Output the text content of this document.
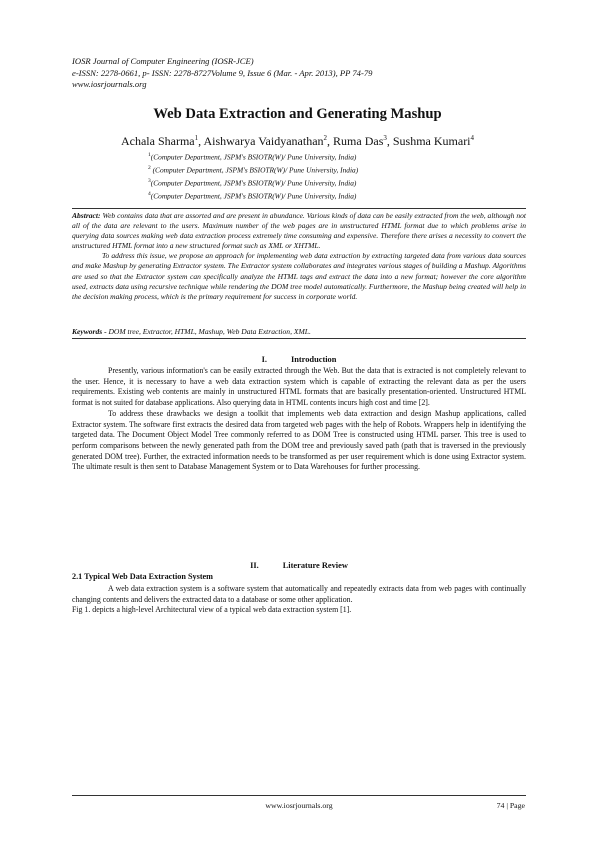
IOSR Journal of Computer Engineering (IOSR-JCE)
e-ISSN: 2278-0661, p- ISSN: 2278-8727Volume 9, Issue 6 (Mar. - Apr. 2013), PP 74-79
www.iosrjournals.org
Web Data Extraction and Generating Mashup
Achala Sharma$^1$, Aishwarya Vaidyanathan$^2$, Ruma Das$^3$, Sushma Kumari$^4$
$^1$(Computer Department, JSPM's BSIOTR(W)/ Pune University, India)
$^2$ (Computer Department, JSPM's BSIOTR(W)/ Pune University, India)
$^3$(Computer Department, JSPM's BSIOTR(W)/ Pune University, India)
$^4$(Computer Department, JSPM's BSIOTR(W)/ Pune University, India)

Abstract: Web contains data that are assorted and are present in abundance. Various kinds of data can be easily extracted from the web, although not all of the data are relevant to the users. Maximum number of the web pages are in unstructured HTML format due to which problems arise in querying data sources making web data extraction process extremely time consuming and expensive. Therefore there arises a necessity to convert the unstructured HTML format into a new structured format such as XML or XHTML.

To address this issue, we propose an approach for implementing web data extraction by extracting targeted data from various data sources and make Mashup by generating Extractor system. The Extractor system collaborates and integrates various stages of building a Mashup. Algorithms are used so that the Extractor system can specifically analyze the HTML tags and extract the data into a new format; however the core algorithm used, extracts data using recursive technique while rendering the DOM tree model automatically. Furthermore, the Mashup being created will help in the decision making process, which is the primary requirement for success in corporate world.

Keywords - DOM tree, Extractor, HTML, Mashup, Web Data Extraction, XML.
I.	Introduction

Presently, various information's can be easily extracted through the Web. But the data that is extracted is not completely relevant to the user. Hence, it is necessary to have a web data extraction system which is capable of extracting the relevant data as per the users requirements. Existing web contents are mainly in unstructured HTML formats that are basically presentation-oriented. Unstructured HTML format is not suited for database applications. Also querying data in HTML contents incurs high cost and time [2].

To address these drawbacks we design a toolkit that implements web data extraction and design Mashup applications, called Extractor system. The software first extracts the desired data from targeted web pages with the help of Robots. Wrappers help in identifying the targeted data. The Document Object Model Tree commonly referred to as DOM Tree is constructed using HTML parser. This tree is used to perform comparisons between the newly generated path from the DOM tree and previously saved path (path that is traversed in the previously generated DOM tree). Further, the extracted information needs to be transformed as per user requirement which is done using Extractor system. The ultimate result is then sent to Database Management System or to Data Warehouses for further processing.

II.	Literature Review
2.1 Typical Web Data Extraction System

A web data extraction system is a software system that automatically and repeatedly extracts data from web pages with continually changing contents and delivers the extracted data to a database or some other application.

Fig 1. depicts a high-level Architectural view of a typical web data extraction system [1].

www.iosrjournals.org	74 | Page
